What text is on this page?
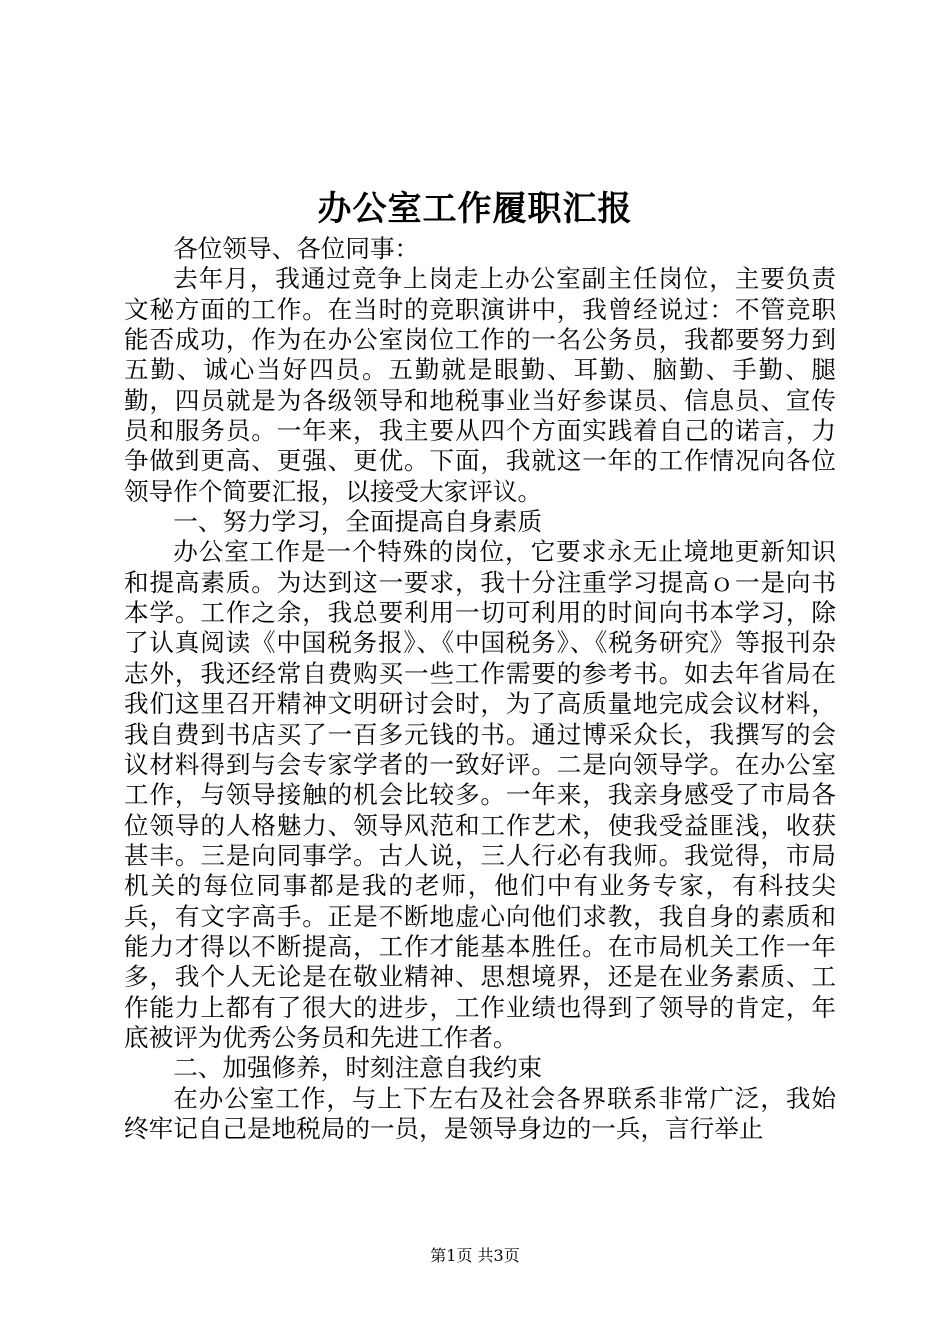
办公室工作履职汇报

各位领导、各位同事：

去年月，我通过竞争上岗走上办公室副主任岗位，主要负责文秘方面的工作。在当时的竞职演讲中，我曾经说过：不管竞职能否成功，作为在办公室岗位工作的一名公务员，我都要努力到五勤、诚心当好四员。五勤就是眼勤、耳勤、脑勤、手勤、腿勤，四员就是为各级领导和地税事业当好参谋员、信息员、宣传员和服务员。一年来，我主要从四个方面实践着自己的诺言，力争做到更高、更强、更优。下面，我就这一年的工作情况向各位领导作个简要汇报，以接受大家评议。

一、努力学习，全面提高自身素质

办公室工作是一个特殊的岗位，它要求永无止境地更新知识和提高素质。为达到这一要求，我十分注重学习提高ｏ一是向书本学。工作之余，我总要利用一切可利用的时间向书本学习，除了认真阅读《中国税务报》、《中国税务》、《税务研究》等报刊杂志外，我还经常自费购买一些工作需要的参考书。如去年省局在我们这里召开精神文明研讨会时，为了高质量地完成会议材料，我自费到书店买了一百多元钱的书。通过博采众长，我撰写的会议材料得到与会专家学者的一致好评。二是向领导学。在办公室工作，与领导接触的机会比较多。一年来，我亲身感受了市局各位领导的人格魅力、领导风范和工作艺术，使我受益匪浅，收获甚丰。三是向同事学。古人说，三人行必有我师。我觉得，市局机关的每位同事都是我的老师，他们中有业务专家，有科技尖兵，有文字高手。正是不断地虚心向他们求教，我自身的素质和能力才得以不断提高，工作才能基本胜任。在市局机关工作一年多，我个人无论是在敬业精神、思想境界，还是在业务素质、工作能力上都有了很大的进步，工作业绩也得到了领导的肯定，年底被评为优秀公务员和先进工作者。

二、加强修养，时刻注意自我约束

在办公室工作，与上下左右及社会各界联系非常广泛，我始终牢记自己是地税局的一员，是领导身边的一兵，言行举止

第1页 共3页
